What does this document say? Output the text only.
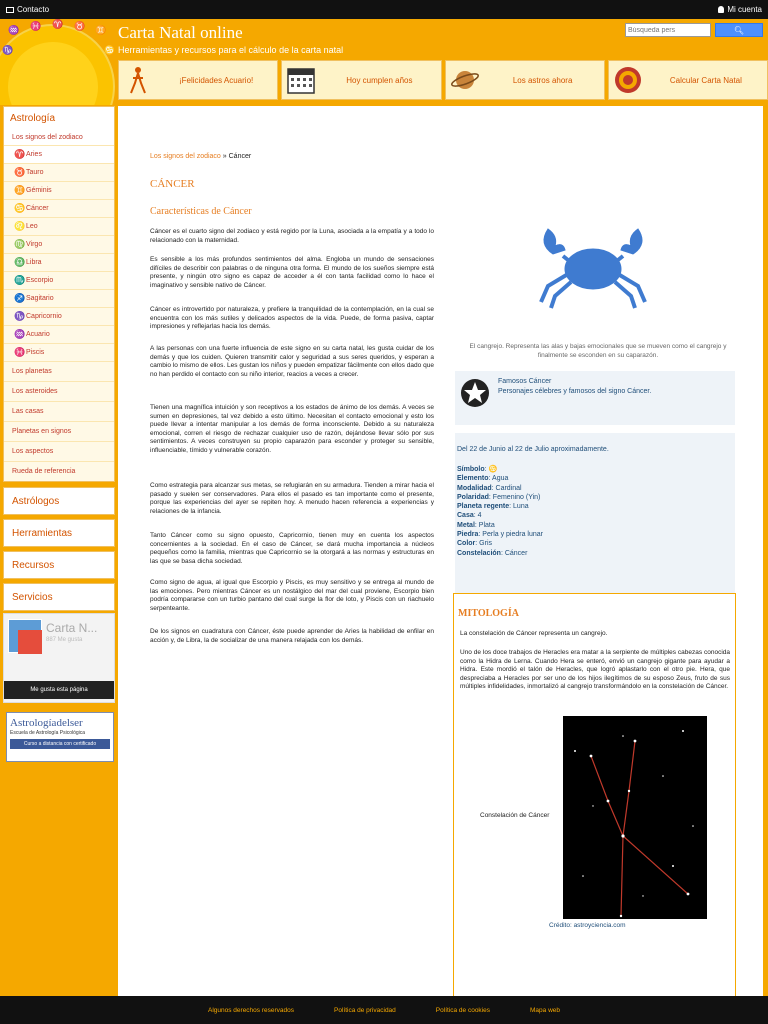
Contacto	Mi cuenta
♒ ♓ ♈ ♉ ♊
♑	♋
Carta Natal online
Herramientas y recursos para el cálculo de la carta natal
Búsqueda pers
🔍︎
¡Felicidades Acuario!	Hoy cumplen años	Los astros ahora	Calcular Carta Natal
Astrología
Los signos del zodiaco
♈ Aries
♉ Tauro
♊ Géminis
♋ Cáncer
♌ Leo
♍ Virgo
♎ Libra
♏ Escorpio
♐ Sagitario
♑ Capricornio
♒ Acuario
♓ Piscis
Los planetas
Los asteroides
Las casas
Planetas en signos
Los aspectos
Rueda de referencia
Astrólogos
Herramientas
Recursos
Servicios
Carta N...
887 Me gusta
Me gusta esta página
Astrologíadelser
Escuela de Astrología Psicológica
Curso a distancia con certificado
Los signos del zodiaco » Cáncer
CÁNCER
Características de Cáncer
Cáncer es el cuarto signo del zodiaco y está regido por la Luna, asociada a la empatía y a todo lo relacionado con la maternidad.
Es sensible a los más profundos sentimientos del alma. Engloba un mundo de sensaciones difíciles de describir con palabras o de ninguna otra forma. El mundo de los sueños siempre está presente, y ningún otro signo es capaz de acceder a él con tanta facilidad como lo hace el imaginativo y sensible nativo de Cáncer.
Cáncer es introvertido por naturaleza, y prefiere la tranquilidad de la contemplación, en la cual se encuentra con los más sutiles y delicados aspectos de la vida. Puede, de forma pasiva, captar impresiones y reflejarlas hacia los demás.
A las personas con una fuerte influencia de este signo en su carta natal, les gusta cuidar de los demás y que los cuiden. Quieren transmitir calor y seguridad a sus seres queridos, y esperan a cambio lo mismo de ellos. Les gustan los niños y pueden empatizar fácilmente con ellos dado que no han perdido el contacto con su niño interior, reacios a veces a crecer.
Tienen una magnífica intuición y son receptivos a los estados de ánimo de los demás. A veces se sumen en depresiones, tal vez debido a esto último. Necesitan el contacto emocional y esto los puede llevar a intentar manipular a los demás de forma inconsciente. Debido a su naturaleza emocional, corren el riesgo de rechazar cualquier uso de razón, dejándose llevar sólo por sus sentimientos. A veces construyen su propio caparazón para esconder y proteger su sensible, influenciable, tímido y vulnerable corazón.
Como estrategia para alcanzar sus metas, se refugiarán en su armadura. Tienden a mirar hacia el pasado y suelen ser conservadores. Para ellos el pasado es tan importante como el presente, porque las experiencias del ayer se repiten hoy. A menudo hacen referencia a experiencias y relaciones de la infancia.
Tanto Cáncer como su signo opuesto, Capricornio, tienen muy en cuenta los aspectos concernientes a la sociedad. En el caso de Cáncer, se dará mucha importancia a núcleos pequeños como la familia, mientras que Capricornio se la otorgará a las normas y estructuras en las que se basa dicha sociedad.
Como signo de agua, al igual que Escorpio y Piscis, es muy sensitivo y se entrega al mundo de las emociones. Pero mientras Cáncer es un nostálgico del mar del cual proviene, Escorpio bien podría compararse con un turbio pantano del cual surge la flor de loto, y Piscis con un riachuelo serpenteante.
De los signos en cuadratura con Cáncer, éste puede aprender de Aries la habilidad de enfilar en acción y, de Libra, la de socializar de una manera relajada con los demás.
El cangrejo. Representa las alas y bajas emocionales que se mueven como el cangrejo y finalmente se esconden en su caparazón.
Famosos Cáncer
Personajes célebres y famosos del signo Cáncer.
Del 22 de Junio al 22 de Julio aproximadamente.
Símbolo: ♋
Elemento: Agua
Modalidad: Cardinal
Polaridad: Femenino (Yin)
Planeta regente: Luna
Casa: 4
Metal: Plata
Piedra: Perla y piedra lunar
Color: Gris
Constelación: Cáncer
MITOLOGÍA
La constelación de Cáncer representa un cangrejo.
Uno de los doce trabajos de Heracles era matar a la serpiente de múltiples cabezas conocida como la Hidra de Lerna. Cuando Hera se enteró, envió un cangrejo gigante para ayudar a Hidra. Este mordió el talón de Heracles, que logró aplastarlo con el otro pie. Hera, que despreciaba a Heracles por ser uno de los hijos ilegítimos de su esposo Zeus, fruto de sus múltiples infidelidades, inmortalizó al cangrejo transformándolo en la constelación de Cáncer.
Constelación de Cáncer
Crédito: astroyciencia.com
Algunos derechos reservados	Política de privacidad	Política de cookies	Mapa web
